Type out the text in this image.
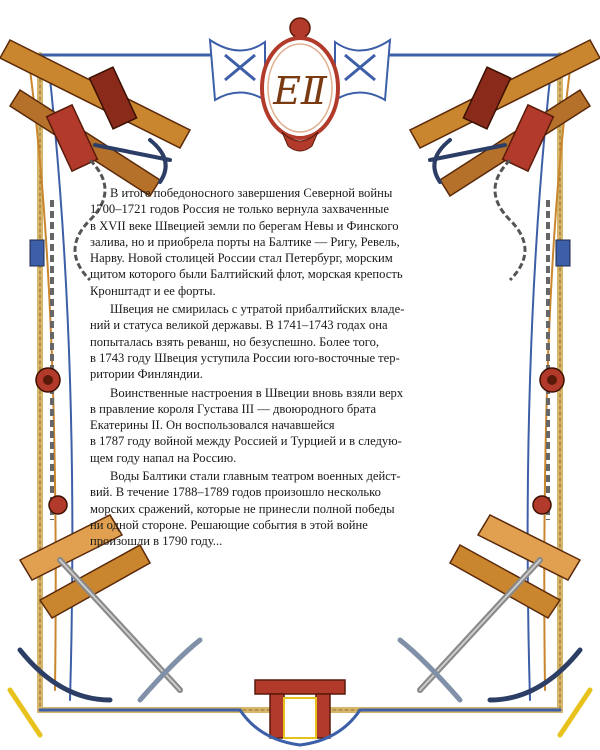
ЕⅡ

В итоге победоносного завершения Северной войны
1700–1721 годов Россия не только вернула захваченные
в XVII веке Швецией земли по берегам Невы и Финского
залива, но и приобрела порты на Балтике — Ригу, Ревель,
Нарву. Новой столицей России стал Петербург, морским
щитом которого были Балтийский флот, морская крепость
Кронштадт и ее форты.

Швеция не смирилась с утратой прибалтийских владе-
ний и статуса великой державы. В 1741–1743 годах она
попыталась взять реванш, но безуспешно. Более того,
в 1743 году Швеция уступила России юго-восточные тер-
ритории Финляндии.

Воинственные настроения в Швеции вновь взяли верх
в правление короля Густава III — двоюродного брата
Екатерины II. Он воспользовался начавшейся
в 1787 году войной между Россией и Турцией и в следую-
щем году напал на Россию.

Воды Балтики стали главным театром военных дейст-
вий. В течение 1788–1789 годов произошло несколько
морских сражений, которые не принесли полной победы
ни одной стороне. Решающие события в этой войне
произошли в 1790 году...
